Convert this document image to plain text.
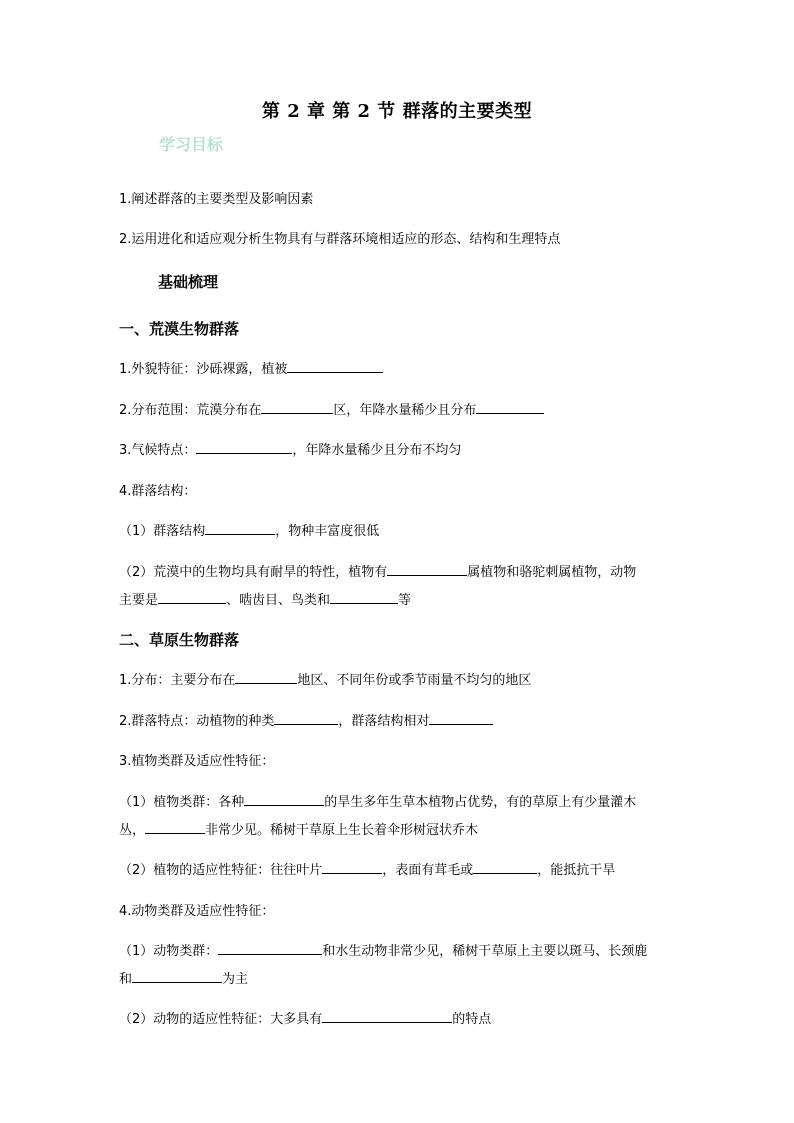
第 2 章 第 2 节 群落的主要类型
学习目标
1.阐述群落的主要类型及影响因素
2.运用进化和适应观分析生物具有与群落环境相适应的形态、结构和生理特点
基础梳理
一、荒漠生物群落
1.外貌特征：沙砾裸露，植被
2.分布范围：荒漠分布在	区，年降水量稀少且分布
3.气候特点：	，年降水量稀少且分布不均匀
4.群落结构：
（1）群落结构	，物种丰富度很低
（2）荒漠中的生物均具有耐旱的特性，植物有	属植物和骆驼刺属植物，动物
主要是	、啮齿目、鸟类和	等
二、草原生物群落
1.分布：主要分布在	地区、不同年份或季节雨量不均匀的地区
2.群落特点：动植物的种类	，群落结构相对
3.植物类群及适应性特征：
（1）植物类群：各种	的旱生多年生草本植物占优势，有的草原上有少量灌木
丛，	非常少见。稀树干草原上生长着伞形树冠状乔木
（2）植物的适应性特征：往往叶片	，表面有茸毛或	，能抵抗干旱
4.动物类群及适应性特征：
（1）动物类群：	和水生动物非常少见，稀树干草原上主要以斑马、长颈鹿
和	为主
（2）动物的适应性特征：大多具有	的特点
